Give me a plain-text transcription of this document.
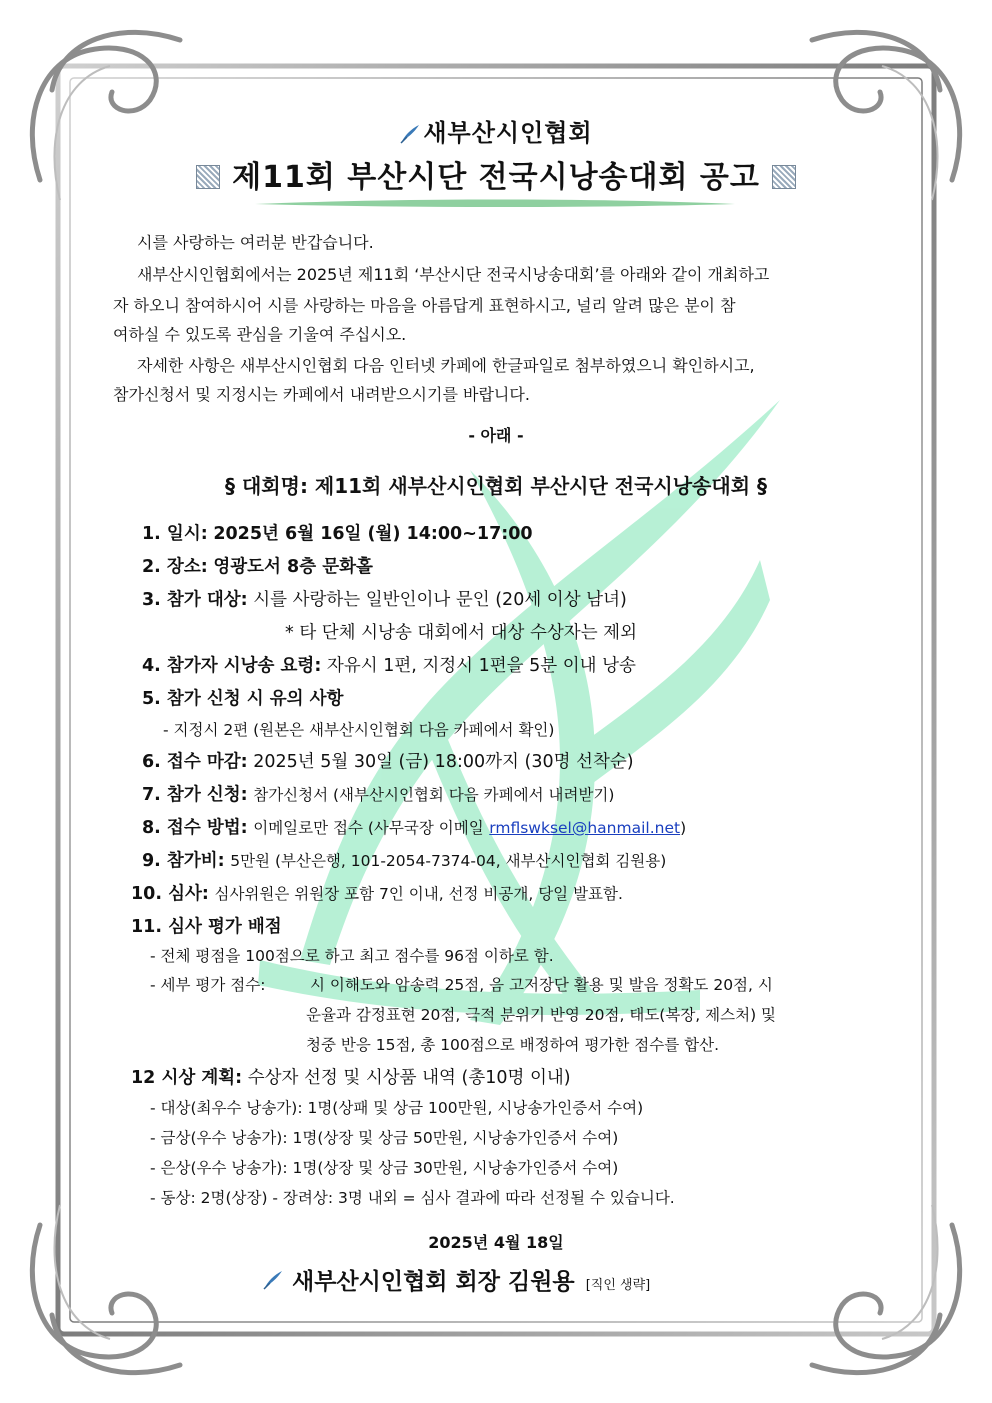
새부산시인협회
제11회 부산시단 전국시낭송대회 공고
시를 사랑하는 여러분 반갑습니다.
새부산시인협회에서는 2025년 제11회 ‘부산시단 전국시낭송대회’를 아래와 같이 개최하고
자 하오니 참여하시어 시를 사랑하는 마음을 아름답게 표현하시고, 널리 알려 많은 분이 참
여하실 수 있도록 관심을 기울여 주십시오.
자세한 사항은 새부산시인협회 다음 인터넷 카페에 한글파일로 첨부하였으니 확인하시고,
참가신청서 및 지정시는 카페에서 내려받으시기를 바랍니다.
- 아래 -
§ 대회명: 제11회 새부산시인협회 부산시단 전국시낭송대회 §
1. 일시: 2025년 6월 16일 (월) 14:00~17:00
2. 장소: 영광도서 8층 문화홀
3. 참가 대상: 시를 사랑하는 일반인이나 문인 (20세 이상 남녀)
* 타 단체 시낭송 대회에서 대상 수상자는 제외
4. 참가자 시낭송 요령: 자유시 1편, 지정시 1편을 5분 이내 낭송
5. 참가 신청 시 유의 사항
- 지정시 2편 (원본은 새부산시인협회 다음 카페에서 확인)
6. 접수 마감: 2025년 5월 30일 (금) 18:00까지 (30명 선착순)
7. 참가 신청: 참가신청서 (새부산시인협회 다음 카페에서 내려받기)
8. 접수 방법: 이메일로만 접수 (사무국장 이메일 rmflswksel@hanmail.net)
9. 참가비: 5만원 (부산은행, 101-2054-7374-04, 새부산시인협회 김원용)
10. 심사: 심사위원은 위원장 포함 7인 이내, 선정 비공개, 당일 발표함.
11. 심사 평가 배점
- 전체 평점을 100점으로 하고 최고 점수를 96점 이하로 함.
- 세부 평가 점수:	시 이해도와 암송력 25점, 음 고저장단 활용 및 발음 정확도 20점, 시
운율과 감정표현 20점, 극적 분위기 반영 20점, 태도(복장, 제스처) 및
청중 반응 15점, 총 100점으로 배정하여 평가한 점수를 합산.
12 시상 계획: 수상자 선정 및 시상품 내역 (총10명 이내)
- 대상(최우수 낭송가): 1명(상패 및 상금 100만원, 시낭송가인증서 수여)
- 금상(우수 낭송가): 1명(상장 및 상금 50만원, 시낭송가인증서 수여)
- 은상(우수 낭송가): 1명(상장 및 상금 30만원, 시낭송가인증서 수여)
- 동상: 2명(상장) - 장려상: 3명 내외 = 심사 결과에 따라 선정될 수 있습니다.
2025년 4월 18일
새부산시인협회 회장 김원용 [직인 생략]
